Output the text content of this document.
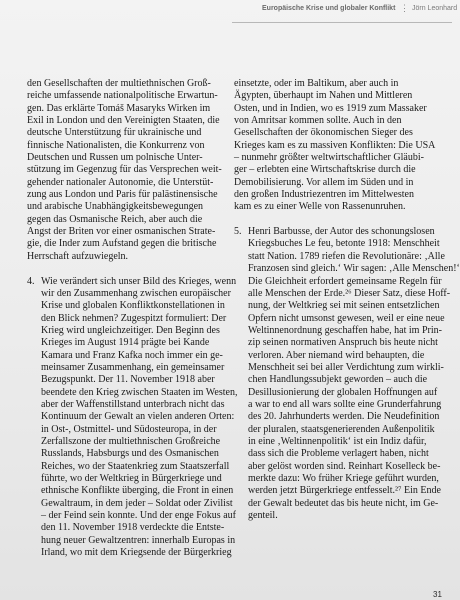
Europäische Krise und globaler Konflikt ⋮ Jörn Leonhard
den Gesellschaften der multiethnischen Groß-
reiche umfassende nationalpolitische Erwartun-
gen. Das erklärte Tomáš Masaryks Wirken im
Exil in London und den Vereinigten Staaten, die
deutsche Unterstützung für ukrainische und
finnische Nationalisten, die Konkurrenz von
Deutschen und Russen um polnische Unter-
stützung im Gegenzug für das Versprechen weit-
gehender nationaler Autonomie, die Unterstüt-
zung aus London und Paris für palästinensische
und arabische Unabhängigkeitsbewegungen
gegen das Osmanische Reich, aber auch die
Angst der Briten vor einer osmanischen Strate-
gie, die Inder zum Aufstand gegen die britische
Herrschaft aufzuwiegeln.
4. Wie verändert sich unser Bild des Krieges, wenn
wir den Zusammenhang zwischen europäischer
Krise und globalen Konfliktkonstellationen in
den Blick nehmen? Zugespitzt formuliert: Der
Krieg wird ungleichzeitiger. Den Beginn des
Krieges im August 1914 prägte bei Kande
Kamara und Franz Kafka noch immer ein ge-
meinsamer Zusammenhang, ein gemeinsamer
Bezugspunkt. Der 11. November 1918 aber
beendete den Krieg zwischen Staaten im Westen,
aber der Waffenstillstand unterbrach nicht das
Kontinuum der Gewalt an vielen anderen Orten:
in Ost-, Ostmittel- und Südosteuropa, in der
Zerfallszone der multiethnischen Großreiche
Russlands, Habsburgs und des Osmanischen
Reiches, wo der Staatenkrieg zum Staatszerfall
führte, wo der Weltkrieg in Bürgerkriege und
ethnische Konflikte überging, die Front in einen
Gewaltraum, in dem jeder – Soldat oder Zivilist
– der Feind sein konnte. Und der enge Fokus auf
den 11. November 1918 verdeckte die Entste-
hung neuer Gewaltzentren: innerhalb Europas in
Irland, wo mit dem Kriegsende der Bürgerkrieg
einsetzte, oder im Baltikum, aber auch in
Ägypten, überhaupt im Nahen und Mittleren
Osten, und in Indien, wo es 1919 zum Massaker
von Amritsar kommen sollte. Auch in den
Gesellschaften der ökonomischen Sieger des
Krieges kam es zu massiven Konflikten: Die USA
– nunmehr größter weltwirtschaftlicher Gläubi-
ger – erlebten eine Wirtschaftskrise durch die
Demobilisierung. Vor allem im Süden und in
den großen Industriezentren im Mittelwesten
kam es zu einer Welle von Rassenunruhen.
5. Henri Barbusse, der Autor des schonungslosen
Kriegsbuches Le feu, betonte 1918: Menschheit
statt Nation. 1789 riefen die Revolutionäre: ‚Alle
Franzosen sind gleich.‘ Wir sagen: ‚Alle Menschen!‘
Die Gleichheit erfordert gemeinsame Regeln für
alle Menschen der Erde.²⁶ Dieser Satz, diese Hoff-
nung, der Weltkrieg sei mit seinen entsetzlichen
Opfern nicht umsonst gewesen, weil er eine neue
Weltinnenordnung geschaffen habe, hat im Prin-
zip seinen normativen Anspruch bis heute nicht
verloren. Aber niemand wird behaupten, die
Menschheit sei bei aller Verdichtung zum wirkli-
chen Handlungssubjekt geworden – auch die
Desillusionierung der globalen Hoffnungen auf
a war to end all wars sollte eine Grunderfahrung
des 20. Jahrhunderts werden. Die Neudefinition
der pluralen, staatsgenerierenden Außenpolitik
in eine ‚Weltinnenpolitik‘ ist ein Indiz dafür,
dass sich die Probleme verlagert haben, nicht
aber gelöst worden sind. Reinhart Koselleck be-
merkte dazu: Wo früher Kriege geführt wurden,
werden jetzt Bürgerkriege entfesselt.²⁷ Ein Ende
der Gewalt bedeutet das bis heute nicht, im Ge-
genteil.
31
